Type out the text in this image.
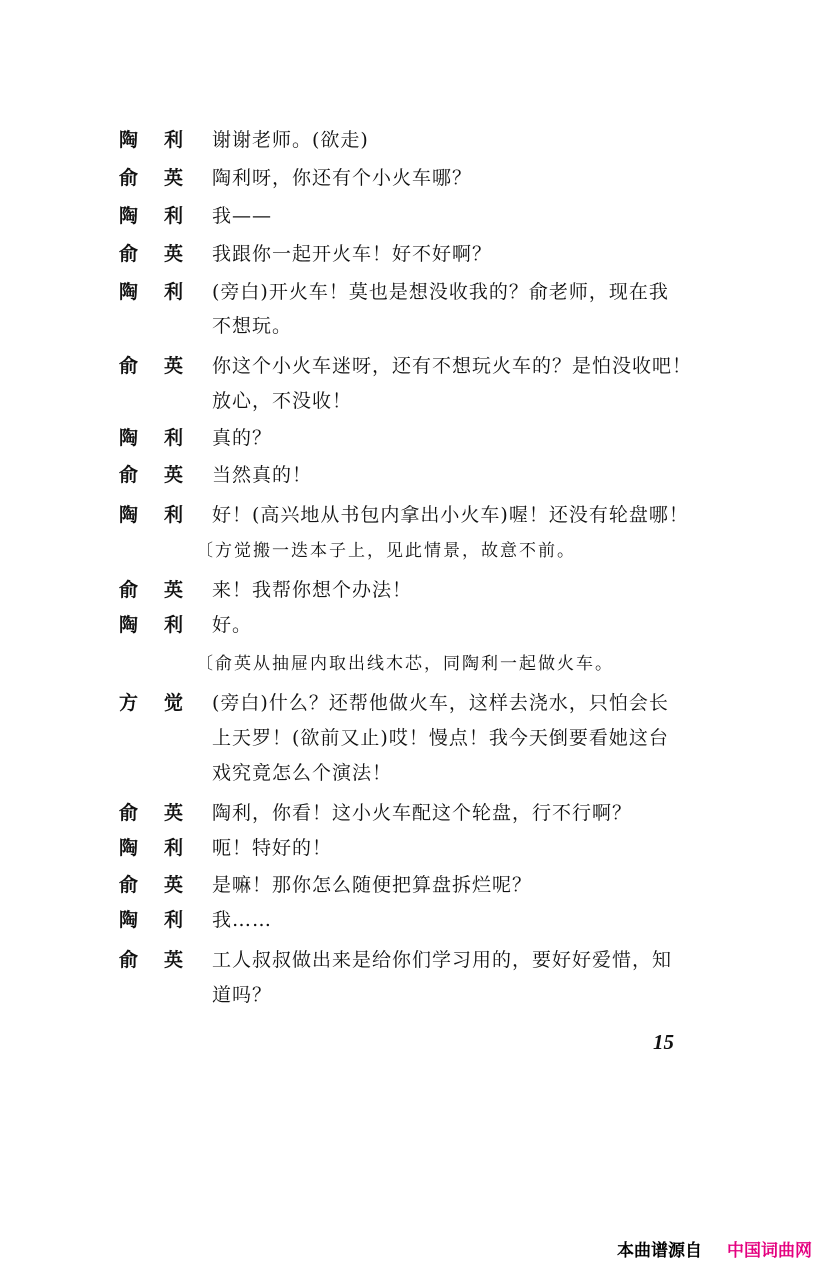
陶 利 谢谢老师。(欲走)
俞 英 陶利呀，你还有个小火车哪？
陶 利 我——
俞 英 我跟你一起开火车！好不好啊？
陶 利 (旁白)开火车！莫也是想没收我的？俞老师，现在我
不想玩。
俞 英 你这个小火车迷呀，还有不想玩火车的？是怕没收吧！
放心，不没收！
陶 利 真的？
俞 英 当然真的！
陶 利 好！(高兴地从书包内拿出小火车)喔！还没有轮盘哪！
〔方觉搬一迭本子上，见此情景，故意不前。
俞 英 来！我帮你想个办法！
陶 利 好。
〔俞英从抽屉内取出线木芯，同陶利一起做火车。
方 觉 (旁白)什么？还帮他做火车，这样去浇水，只怕会长
上天罗！(欲前又止)哎！慢点！我今天倒要看她这台
戏究竟怎么个演法！
俞 英 陶利，你看！这小火车配这个轮盘，行不行啊？
陶 利 呃！特好的！
俞 英 是嘛！那你怎么随便把算盘拆烂呢？
陶 利 我……
俞 英 工人叔叔做出来是给你们学习用的，要好好爱惜，知
道吗？
15
本曲谱源自 中国词曲网
